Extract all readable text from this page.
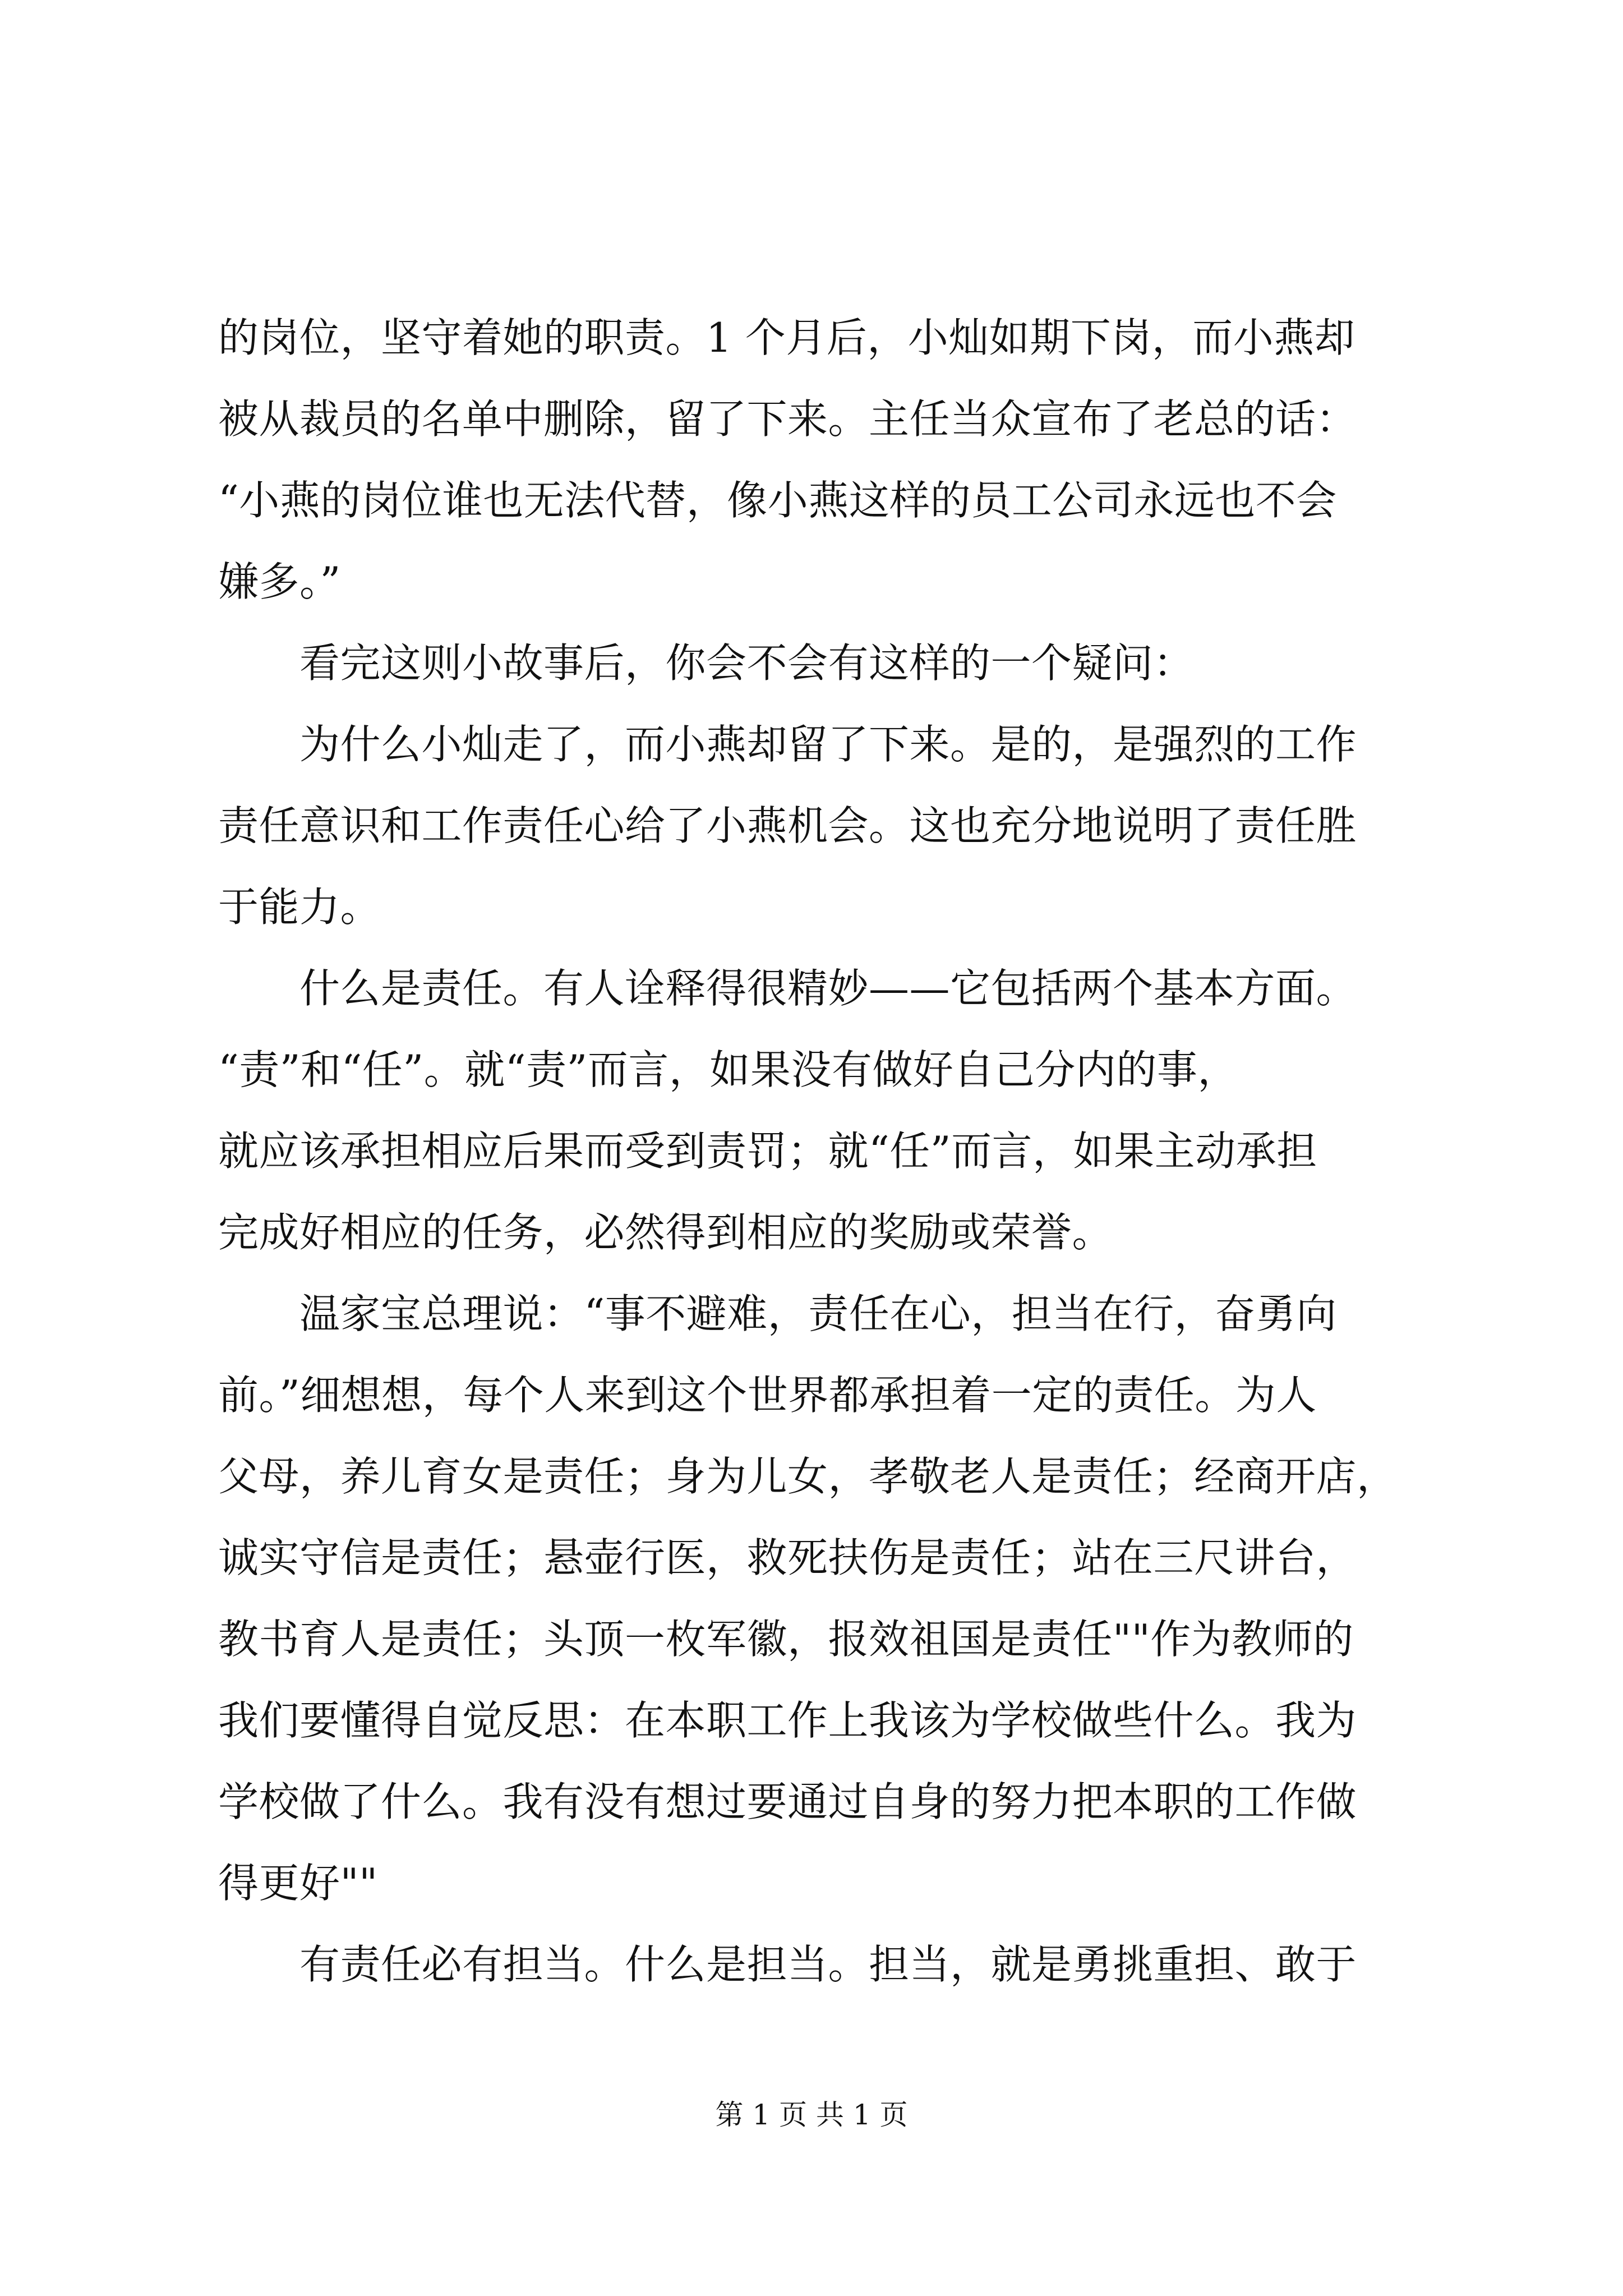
的岗位，坚守着她的职责。1 个月后，小灿如期下岗，而小燕却
被从裁员的名单中删除，留了下来。主任当众宣布了老总的话：
“小燕的岗位谁也无法代替，像小燕这样的员工公司永远也不会
嫌多。”
　　看完这则小故事后，你会不会有这样的一个疑问：
　　为什么小灿走了，而小燕却留了下来。是的，是强烈的工作
责任意识和工作责任心给了小燕机会。这也充分地说明了责任胜
于能力。
　　什么是责任。有人诠释得很精妙——它包括两个基本方面。
“责”和“任”。就“责”而言，如果没有做好自己分内的事，
就应该承担相应后果而受到责罚；就“任”而言，如果主动承担
完成好相应的任务，必然得到相应的奖励或荣誉。
　　温家宝总理说：“事不避难，责任在心，担当在行，奋勇向
前。”细想想，每个人来到这个世界都承担着一定的责任。为人
父母，养儿育女是责任；身为儿女，孝敬老人是责任；经商开店，
诚实守信是责任；悬壶行医，救死扶伤是责任；站在三尺讲台，
教书育人是责任；头顶一枚军徽，报效祖国是责任""作为教师的
我们要懂得自觉反思：在本职工作上我该为学校做些什么。我为
学校做了什么。我有没有想过要通过自身的努力把本职的工作做
得更好""
　　有责任必有担当。什么是担当。担当，就是勇挑重担、敢于
第 1 页 共 1 页
